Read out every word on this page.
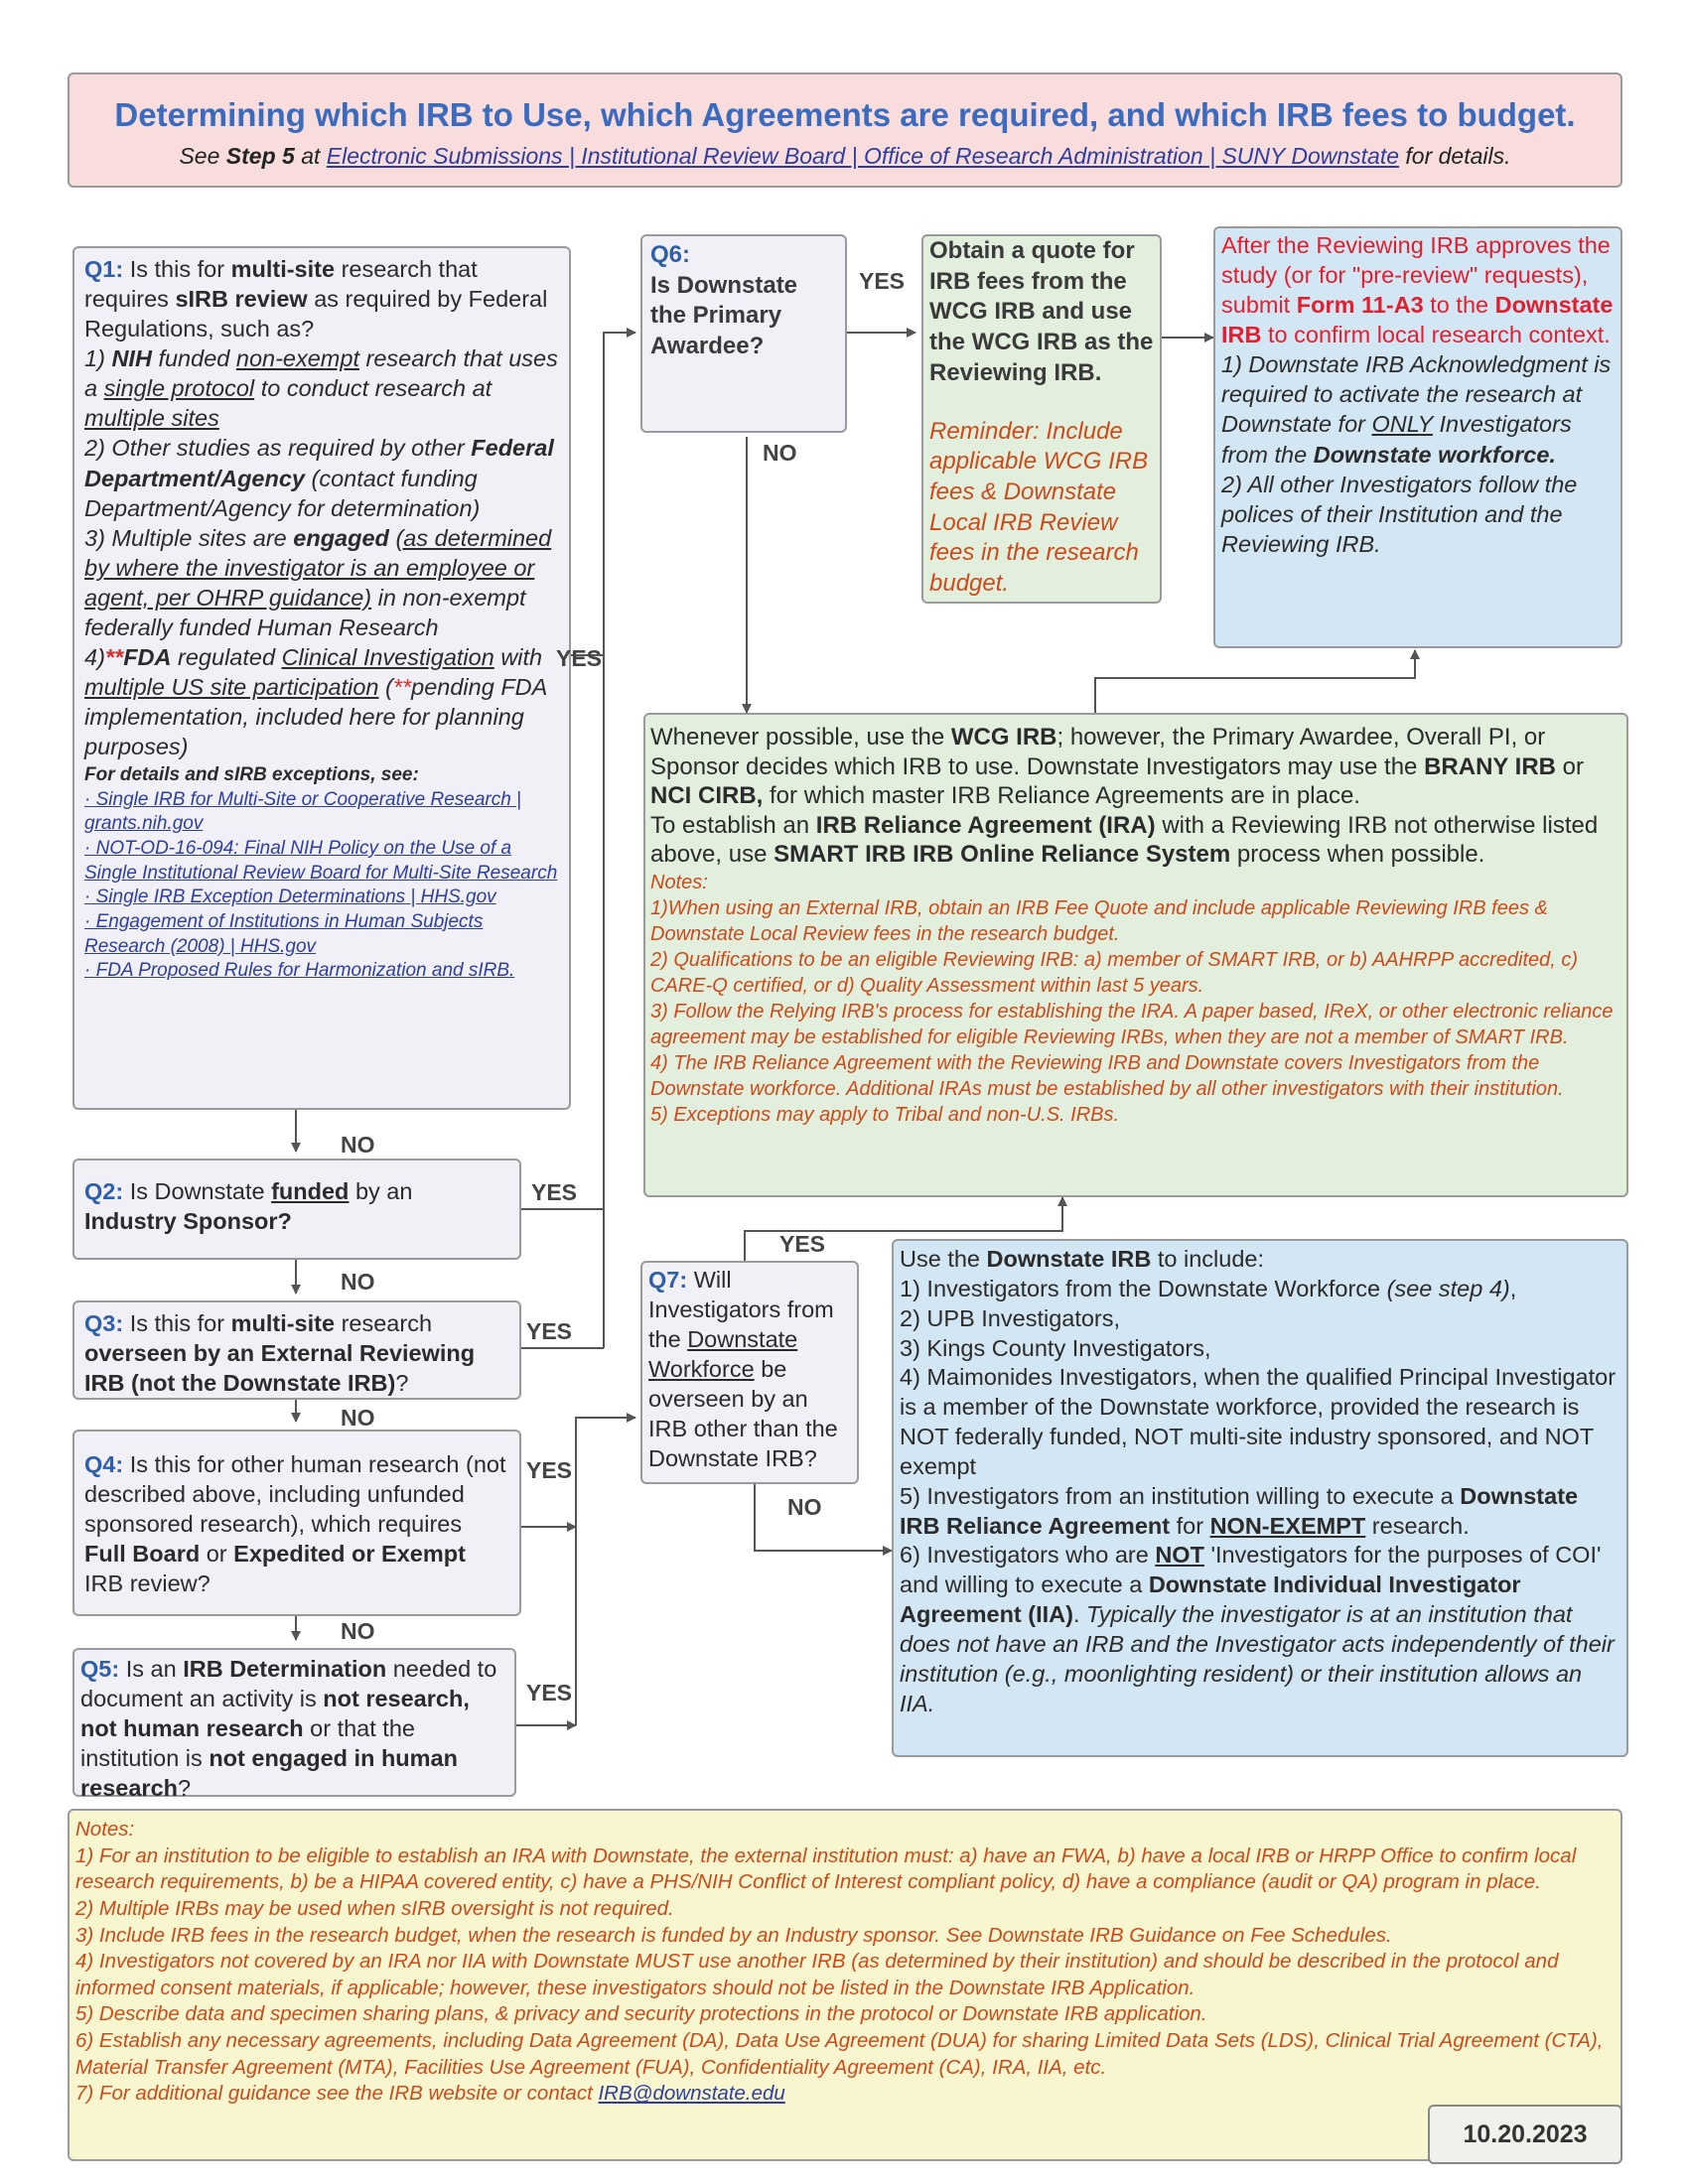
Determining which IRB to Use, which Agreements are required, and which IRB fees to budget.
See Step 5 at Electronic Submissions | Institutional Review Board | Office of Research Administration | SUNY Downstate for details.

Q1: Is this for multi-site research that requires sIRB review as required by Federal Regulations, such as?

1) NIH funded non-exempt research that uses a single protocol to conduct research at multiple sites

2) Other studies as required by other Federal Department/Agency (contact funding Department/Agency for determination)

3) Multiple sites are engaged (as determined by where the investigator is an employee or agent, per OHRP guidance) in non-exempt federally funded Human Research

4)**FDA regulated Clinical Investigation with multiple US site participation (**pending FDA implementation, included here for planning purposes)

For details and sIRB exceptions, see:

· Single IRB for Multi-Site or Cooperative Research | grants.nih.gov
· NOT-OD-16-094: Final NIH Policy on the Use of a Single Institutional Review Board for Multi-Site Research
· Single IRB Exception Determinations | HHS.gov
· Engagement of Institutions in Human Subjects Research (2008) | HHS.gov
· FDA Proposed Rules for Harmonization and sIRB.
Q2: Is Downstate funded by an
Industry Sponsor?
Q3: Is this for multi-site research overseen by an External Reviewing IRB (not the Downstate IRB)?
Q4: Is this for other human research (not described above, including unfunded sponsored research), which requires Full Board or Expedited or Exempt IRB review?
Q5: Is an IRB Determination needed to document an activity is not research, not human research or that the institution is not engaged in human research?
Q6:
Is Downstate the Primary Awardee?
Obtain a quote for IRB fees from the WCG IRB and use the WCG IRB as the Reviewing IRB.
Reminder: Include applicable WCG IRB fees & Downstate Local IRB Review fees in the research budget.
After the Reviewing IRB approves the study (or for "pre-review" requests), submit Form 11-A3 to the Downstate IRB to confirm local research context.
1) Downstate IRB Acknowledgment is required to activate the research at Downstate for ONLY Investigators from the Downstate workforce.
2) All other Investigators follow the polices of their Institution and the Reviewing IRB.
Whenever possible, use the WCG IRB; however, the Primary Awardee, Overall PI, or Sponsor decides which IRB to use. Downstate Investigators may use the BRANY IRB or NCI CIRB, for which master IRB Reliance Agreements are in place.
To establish an IRB Reliance Agreement (IRA) with a Reviewing IRB not otherwise listed above, use SMART IRB IRB Online Reliance System process when possible.
Notes:
1)When using an External IRB, obtain an IRB Fee Quote and include applicable Reviewing IRB fees & Downstate Local Review fees in the research budget.
2) Qualifications to be an eligible Reviewing IRB: a) member of SMART IRB, or b) AAHRPP accredited, c) CARE-Q certified, or d) Quality Assessment within last 5 years.
3) Follow the Relying IRB's process for establishing the IRA. A paper based, IReX, or other electronic reliance agreement may be established for eligible Reviewing IRBs, when they are not a member of SMART IRB.
4) The IRB Reliance Agreement with the Reviewing IRB and Downstate covers Investigators from the Downstate workforce. Additional IRAs must be established by all other investigators with their institution.
5) Exceptions may apply to Tribal and non-U.S. IRBs.
Q7: Will Investigators from the Downstate Workforce be overseen by an IRB other than the Downstate IRB?
Use the Downstate IRB to include:
1) Investigators from the Downstate Workforce (see step 4),
2) UPB Investigators,
3) Kings County Investigators,
4) Maimonides Investigators, when the qualified Principal Investigator is a member of the Downstate workforce, provided the research is NOT federally funded, NOT multi-site industry sponsored, and NOT exempt
5) Investigators from an institution willing to execute a Downstate IRB Reliance Agreement for NON-EXEMPT research.
6) Investigators who are NOT 'Investigators for the purposes of COI' and willing to execute a Downstate Individual Investigator Agreement (IIA). Typically the investigator is at an institution that does not have an IRB and the Investigator acts independently of their institution (e.g., moonlighting resident) or their institution allows an IIA.
Notes:
1) For an institution to be eligible to establish an IRA with Downstate, the external institution must: a) have an FWA, b) have a local IRB or HRPP Office to confirm local research requirements, b) be a HIPAA covered entity, c) have a PHS/NIH Conflict of Interest compliant policy, d) have a compliance (audit or QA) program in place.
2) Multiple IRBs may be used when sIRB oversight is not required.
3) Include IRB fees in the research budget, when the research is funded by an Industry sponsor. See Downstate IRB Guidance on Fee Schedules.
4) Investigators not covered by an IRA nor IIA with Downstate MUST use another IRB (as determined by their institution) and should be described in the protocol and informed consent materials, if applicable; however, these investigators should not be listed in the Downstate IRB Application.
5) Describe data and specimen sharing plans, & privacy and security protections in the protocol or Downstate IRB application.
6) Establish any necessary agreements, including Data Agreement (DA), Data Use Agreement (DUA) for sharing Limited Data Sets (LDS), Clinical Trial Agreement (CTA), Material Transfer Agreement (MTA), Facilities Use Agreement (FUA), Confidentiality Agreement (CA), IRA, IIA, etc.
7) For additional guidance see the IRB website or contact IRB@downstate.edu
10.20.2023
YES
NO
YES
NO
YES
NO
YES
NO
YES
YES
NO
YES
NO
